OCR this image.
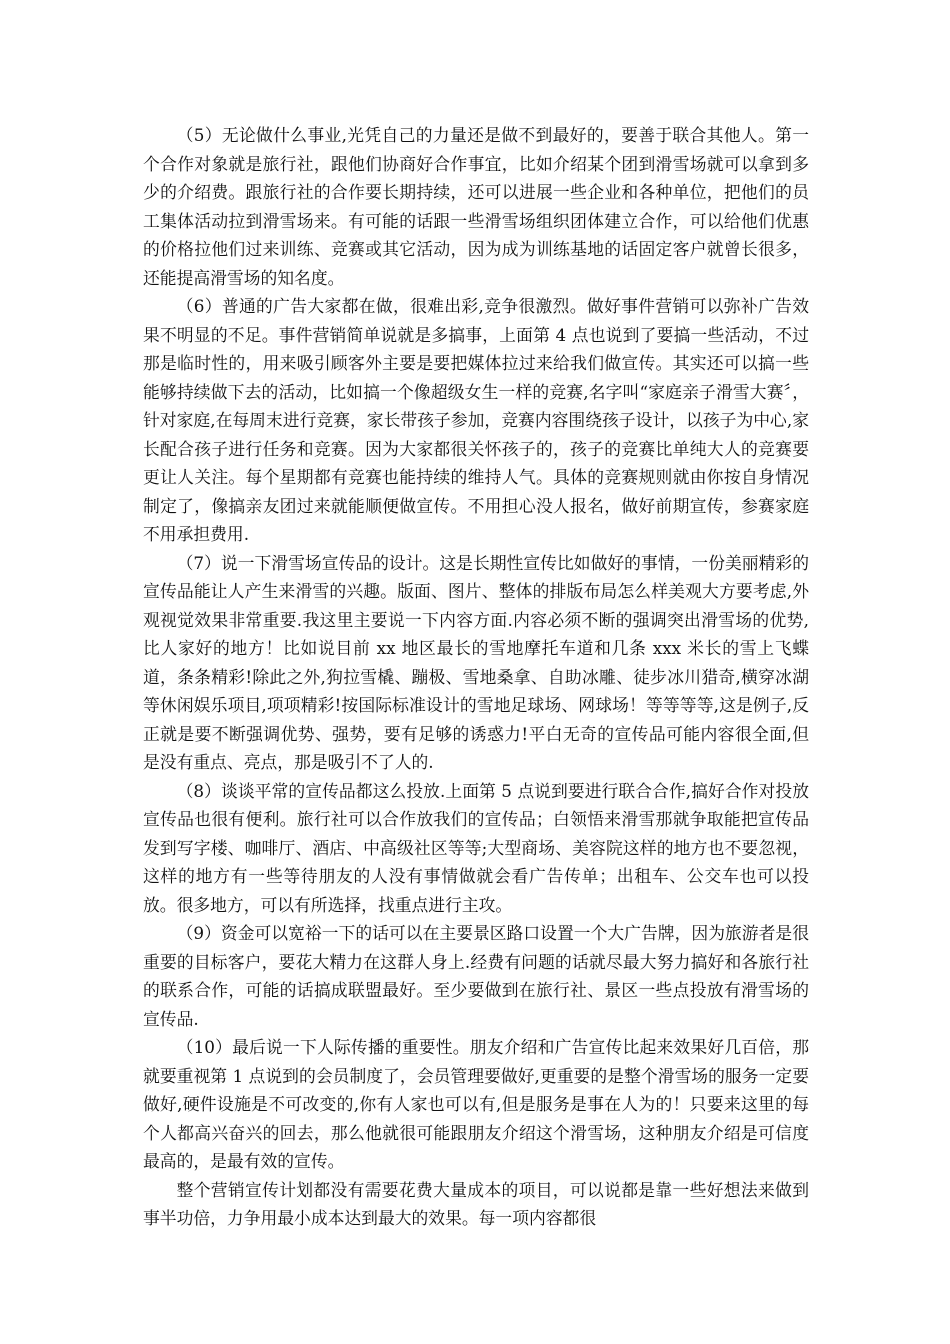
（5）无论做什么事业,光凭自己的力量还是做不到最好的，要善于联合其他人。第一个合作对象就是旅行社，跟他们协商好合作事宜，比如介绍某个团到滑雪场就可以拿到多少的介绍费。跟旅行社的合作要长期持续，还可以进展一些企业和各种单位，把他们的员工集体活动拉到滑雪场来。有可能的话跟一些滑雪场组织团体建立合作，可以给他们优惠的价格拉他们过来训练、竞赛或其它活动，因为成为训练基地的话固定客户就曾长很多，还能提高滑雪场的知名度。

（6）普通的广告大家都在做，很难出彩,竞争很激烈。做好事件营销可以弥补广告效果不明显的不足。事件营销简单说就是多搞事，上面第 4 点也说到了要搞一些活动，不过那是临时性的，用来吸引顾客外主要是要把媒体拉过来给我们做宣传。其实还可以搞一些能够持续做下去的活动，比如搞一个像超级女生一样的竞赛,名字叫“家庭亲子滑雪大赛〞，针对家庭,在每周末进行竞赛，家长带孩子参加，竞赛内容围绕孩子设计，以孩子为中心,家长配合孩子进行任务和竞赛。因为大家都很关怀孩子的，孩子的竞赛比单纯大人的竞赛要更让人关注。每个星期都有竞赛也能持续的维持人气。具体的竞赛规则就由你按自身情况制定了，像搞亲友团过来就能顺便做宣传。不用担心没人报名，做好前期宣传，参赛家庭不用承担费用.

（7）说一下滑雪场宣传品的设计。这是长期性宣传比如做好的事情，一份美丽精彩的宣传品能让人产生来滑雪的兴趣。版面、图片、整体的排版布局怎么样美观大方要考虑,外观视觉效果非常重要.我这里主要说一下内容方面.内容必须不断的强调突出滑雪场的优势,比人家好的地方！比如说目前 xx 地区最长的雪地摩托车道和几条 xxx 米长的雪上飞蝶道，条条精彩!除此之外,狗拉雪橇、蹦极、雪地桑拿、自助冰雕、徒步冰川猎奇,横穿冰湖等休闲娱乐项目,项项精彩!按国际标准设计的雪地足球场、网球场！等等等等,这是例子,反正就是要不断强调优势、强势，要有足够的诱惑力!平白无奇的宣传品可能内容很全面,但是没有重点、亮点，那是吸引不了人的.

（8）谈谈平常的宣传品都这么投放.上面第 5 点说到要进行联合合作,搞好合作对投放宣传品也很有便利。旅行社可以合作放我们的宣传品；白领悟来滑雪那就争取能把宣传品发到写字楼、咖啡厅、酒店、中高级社区等等;大型商场、美容院这样的地方也不要忽视，这样的地方有一些等待朋友的人没有事情做就会看广告传单；出租车、公交车也可以投放。很多地方，可以有所选择，找重点进行主攻。

（9）资金可以宽裕一下的话可以在主要景区路口设置一个大广告牌，因为旅游者是很重要的目标客户，要花大精力在这群人身上.经费有问题的话就尽最大努力搞好和各旅行社的联系合作，可能的话搞成联盟最好。至少要做到在旅行社、景区一些点投放有滑雪场的宣传品.

（10）最后说一下人际传播的重要性。朋友介绍和广告宣传比起来效果好几百倍，那就要重视第 1 点说到的会员制度了，会员管理要做好,更重要的是整个滑雪场的服务一定要做好,硬件设施是不可改变的,你有人家也可以有,但是服务是事在人为的！只要来这里的每个人都高兴奋兴的回去，那么他就很可能跟朋友介绍这个滑雪场，这种朋友介绍是可信度最高的，是最有效的宣传。

整个营销宣传计划都没有需要花费大量成本的项目，可以说都是靠一些好想法来做到事半功倍，力争用最小成本达到最大的效果。每一项内容都很
